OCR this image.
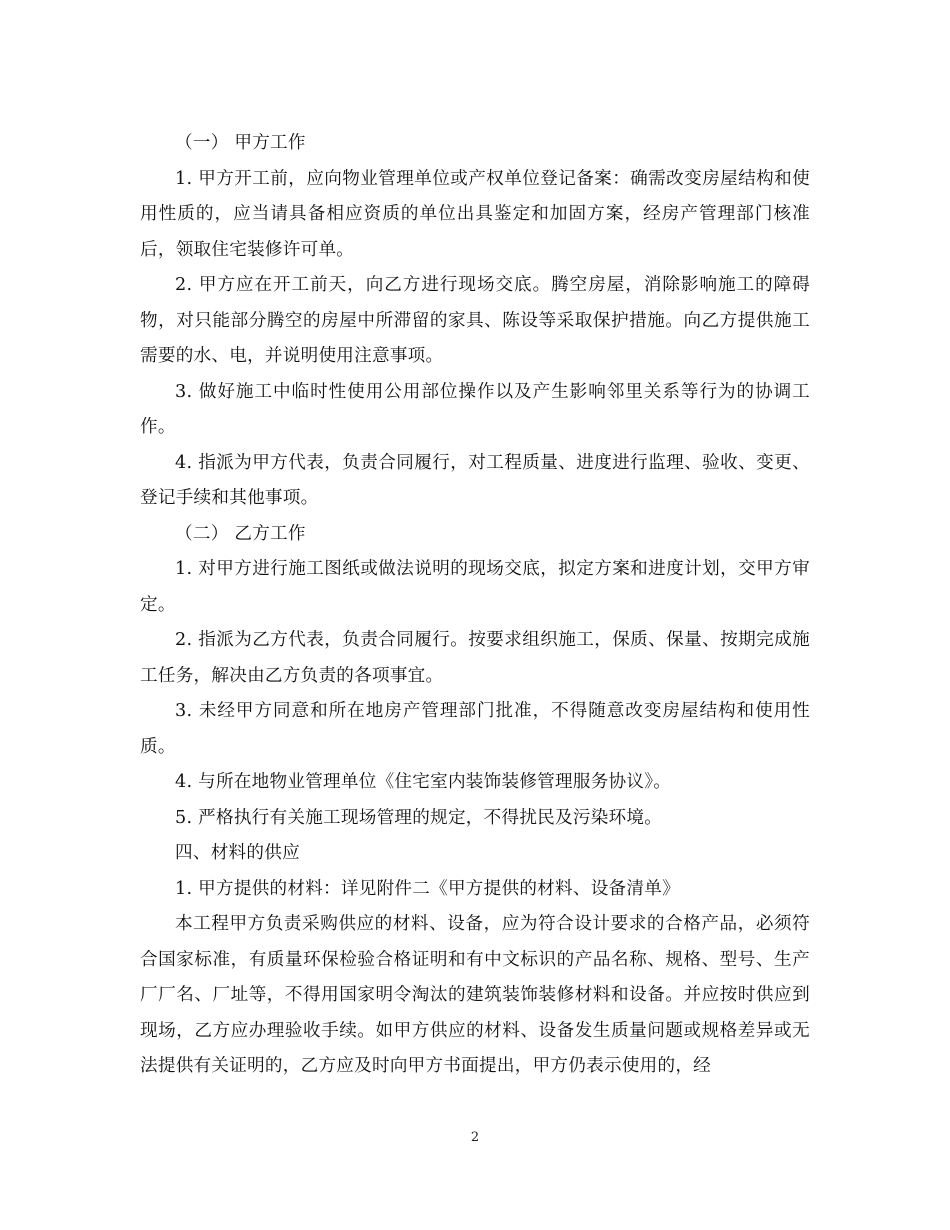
（一） 甲方工作

1. 甲方开工前，应向物业管理单位或产权单位登记备案：确需改变房屋结构和使用性质的，应当请具备相应资质的单位出具鉴定和加固方案，经房产管理部门核准后，领取住宅装修许可单。

2. 甲方应在开工前天，向乙方进行现场交底。腾空房屋，消除影响施工的障碍物，对只能部分腾空的房屋中所滞留的家具、陈设等采取保护措施。向乙方提供施工需要的水、电，并说明使用注意事项。

3. 做好施工中临时性使用公用部位操作以及产生影响邻里关系等行为的协调工作。

4. 指派为甲方代表，负责合同履行，对工程质量、进度进行监理、验收、变更、登记手续和其他事项。

（二） 乙方工作

1. 对甲方进行施工图纸或做法说明的现场交底，拟定方案和进度计划，交甲方审定。

2. 指派为乙方代表，负责合同履行。按要求组织施工，保质、保量、按期完成施工任务，解决由乙方负责的各项事宜。

3. 未经甲方同意和所在地房产管理部门批准，不得随意改变房屋结构和使用性质。

4. 与所在地物业管理单位《住宅室内装饰装修管理服务协议》。

5. 严格执行有关施工现场管理的规定，不得扰民及污染环境。

四、材料的供应

1. 甲方提供的材料：详见附件二《甲方提供的材料、设备清单》

本工程甲方负责采购供应的材料、设备，应为符合设计要求的合格产品，必须符合国家标准，有质量环保检验合格证明和有中文标识的产品名称、规格、型号、生产厂厂名、厂址等，不得用国家明令淘汰的建筑装饰装修材料和设备。并应按时供应到现场，乙方应办理验收手续。如甲方供应的材料、设备发生质量问题或规格差异或无法提供有关证明的，乙方应及时向甲方书面提出，甲方仍表示使用的，经

2
